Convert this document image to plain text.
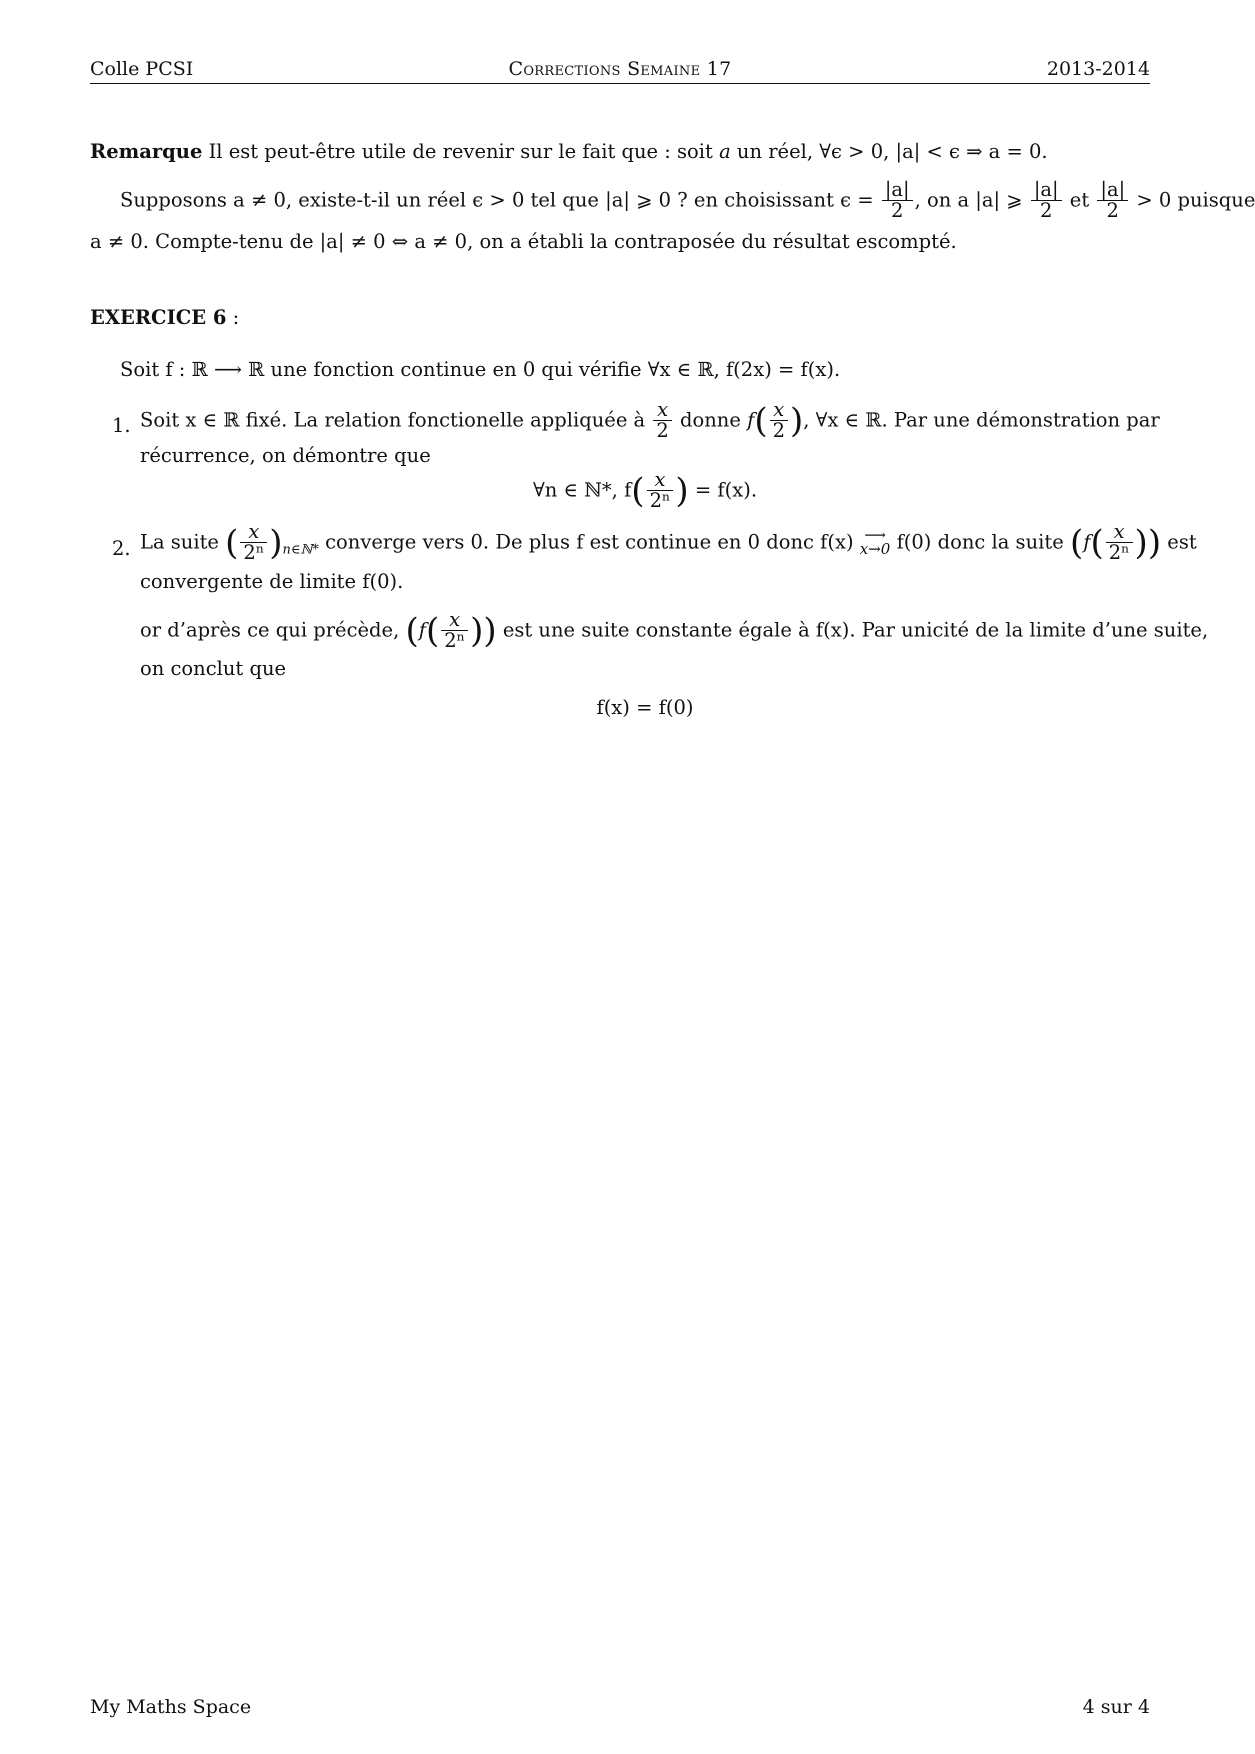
Colle PCSI	Corrections Semaine 17	2013-2014
Remarque Il est peut-être utile de revenir sur le fait que : soit a un réel, ∀ϵ > 0, |a| < ϵ ⇒ a = 0.
Supposons a ≠ 0, existe-t-il un réel ϵ > 0 tel que |a| ⩾ 0 ? en choisissant $\epsilon = \frac{|a|}{2}$ , on a |a| ⩾ $\frac{|a|}{2}$ et $\frac{|a|}{2} > 0$ puisque
a ≠ 0. Compte-tenu de |a| ≠ 0 ⇔ a ≠ 0, on a établi la contraposée du résultat escompté.
EXERCICE 6 :
Soit f : ℝ ⟶ ℝ une fonction continue en 0 qui vérifie ∀x ∈ ℝ, f(2x) = f(x).
1. Soit x ∈ ℝ fixé. La relation fonctionelle appliquée à $\frac{x}{2}$ donne $f( \frac{x}{2}$ ), ∀x ∈ ℝ. Par une démonstration par
récurrence, on démontre que
∀n ∈ ℕ*, $f( \frac{x}{\text{2ⁿ}}$ ) = f(x).
2. La suite ( $\frac{x}{\text{2ⁿ}} )_{n\in ℕ*}$ converge vers 0. De plus f est continue en 0 donc f(x) ⟶
x→0 f(0) donc la suite ($f( \frac{x}{\text{2ⁿ}}$ )) est
convergente de limite f(0).
or d’après ce qui précède, ($f( \frac{x}{\text{2ⁿ}}$ )) est une suite constante égale à f(x). Par unicité de la limite d’une suite,
on conclut que
f(x) = f(0)
My Maths Space	4 sur 4
